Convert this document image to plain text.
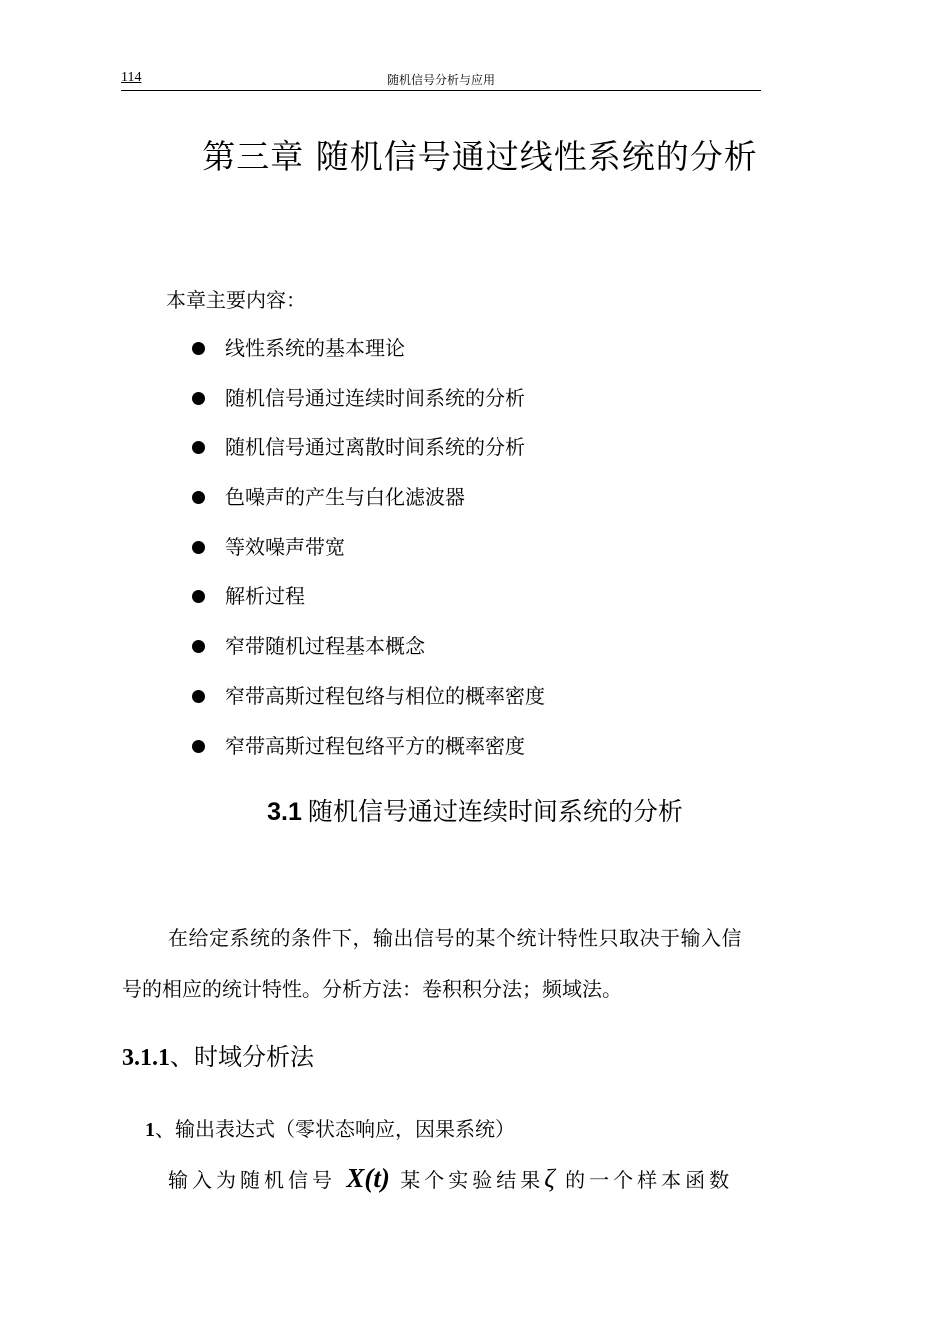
114	随机信号分析与应用
第三章 随机信号通过线性系统的分析
本章主要内容：
线性系统的基本理论
随机信号通过连续时间系统的分析
随机信号通过离散时间系统的分析
色噪声的产生与白化滤波器
等效噪声带宽
解析过程
窄带随机过程基本概念
窄带高斯过程包络与相位的概率密度
窄带高斯过程包络平方的概率密度
3.1 随机信号通过连续时间系统的分析
在给定系统的条件下，输出信号的某个统计特性只取决于输入信
号的相应的统计特性。分析方法：卷积积分法；频域法。
3.1.1、时域分析法
1、输出表达式（零状态响应，因果系统）
输入为随机信号 X(t) 某个实验结果ζ 的一个样本函数
